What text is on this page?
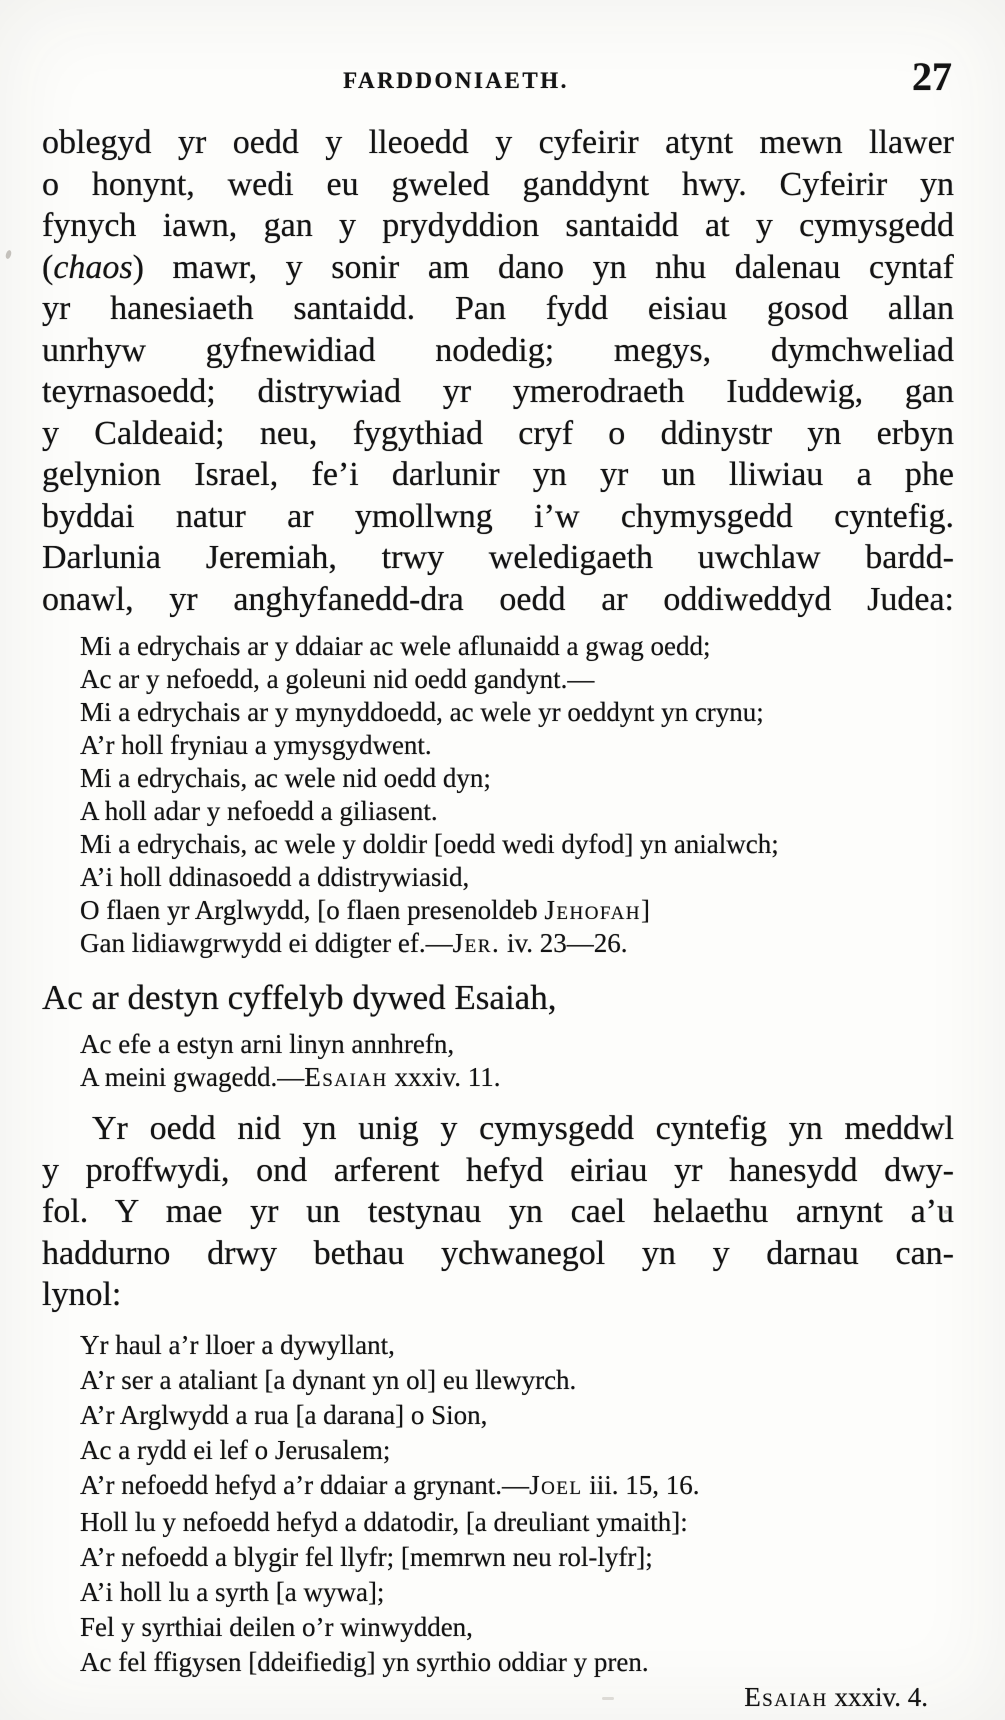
FARDDONIAETH.	27
oblegyd yr oedd y lleoedd y cyfeirir atynt mewn llawer
o honynt, wedi eu gweled ganddynt hwy. Cyfeirir yn
fynych iawn, gan y prydyddion santaidd at y cymysgedd
(chaos) mawr, y sonir am dano yn nhu dalenau cyntaf
yr hanesiaeth santaidd. Pan fydd eisiau gosod allan
unrhyw gyfnewidiad nodedig; megys, dymchweliad
teyrnasoedd; distrywiad yr ymerodraeth Iuddewig, gan
y Caldeaid; neu, fygythiad cryf o ddinystr yn erbyn
gelynion Israel, fe’i darlunir yn yr un lliwiau a phe
byddai natur ar ymollwng i’w chymysgedd cyntefig.
Darlunia Jeremiah, trwy weledigaeth uwchlaw bardd-
onawl, yr anghyfanedd-dra oedd ar oddiweddyd Judea:
Mi a edrychais ar y ddaiar ac wele aflunaidd a gwag oedd;
Ac ar y nefoedd, a goleuni nid oedd gandynt.—
Mi a edrychais ar y mynyddoedd, ac wele yr oeddynt yn crynu;
A’r holl fryniau a ymysgydwent.
Mi a edrychais, ac wele nid oedd dyn;
A holl adar y nefoedd a giliasent.
Mi a edrychais, ac wele y doldir [oedd wedi dyfod] yn anialwch;
A’i holl ddinasoedd a ddistrywiasid,
O flaen yr Arglwydd, [o flaen presenoldeb Jehofah]
Gan lidiawgrwydd ei ddigter ef.—Jer. iv. 23—26.
Ac ar destyn cyffelyb dywed Esaiah,
Ac efe a estyn arni linyn annhrefn,
A meini gwagedd.—Esaiah xxxiv. 11.
Yr oedd nid yn unig y cymysgedd cyntefig yn meddwl
y proffwydi, ond arferent hefyd eiriau yr hanesydd dwy-
fol. Y mae yr un testynau yn cael helaethu arnynt a’u
haddurno drwy bethau ychwanegol yn y darnau can-
lynol:
Yr haul a’r lloer a dywyllant,
A’r ser a ataliant [a dynant yn ol] eu llewyrch.
A’r Arglwydd a rua [a darana] o Sion,
Ac a rydd ei lef o Jerusalem;
A’r nefoedd hefyd a’r ddaiar a grynant.—Joel iii. 15, 16.
Holl lu y nefoedd hefyd a ddatodir, [a dreuliant ymaith]:
A’r nefoedd a blygir fel llyfr; [memrwn neu rol-lyfr];
A’i holl lu a syrth [a wywa];
Fel y syrthiai deilen o’r winwydden,
Ac fel ffigysen [ddeifiedig] yn syrthio oddiar y pren.
Esaiah xxxiv. 4.
